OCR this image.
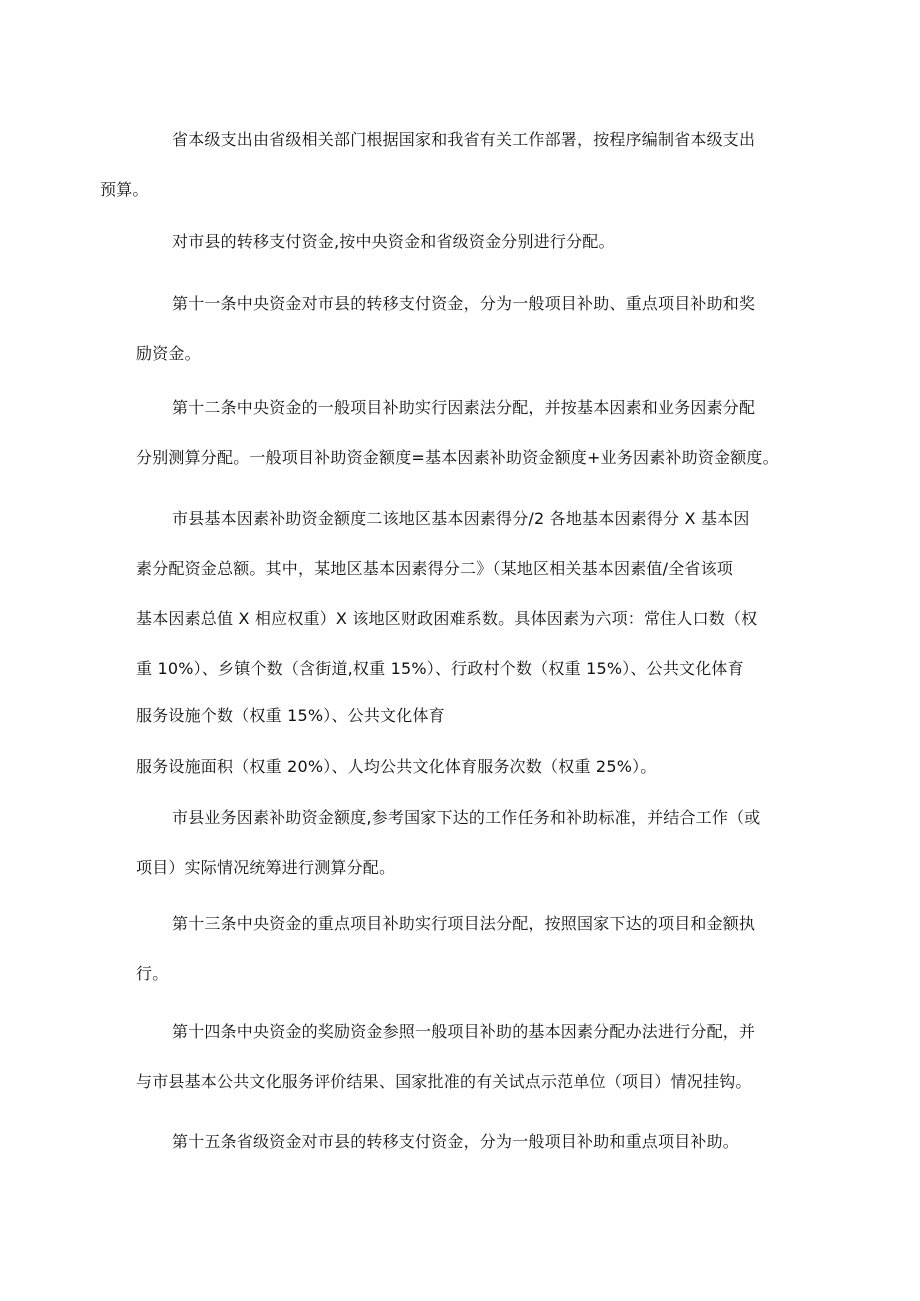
省本级支出由省级相关部门根据国家和我省有关工作部署，按程序编制省本级支出
预算。

对市县的转移支付资金,按中央资金和省级资金分别进行分配。

第十一条中央资金对市县的转移支付资金，分为一般项目补助、重点项目补助和奖
励资金。

第十二条中央资金的一般项目补助实行因素法分配，并按基本因素和业务因素分配
分别测算分配。一般项目补助资金额度=基本因素补助资金额度+业务因素补助资金额度。

市县基本因素补助资金额度二该地区基本因素得分/2 各地基本因素得分 X 基本因
素分配资金总额。其中，某地区基本因素得分二》（某地区相关基本因素值/全省该项
基本因素总值 X 相应权重）X 该地区财政困难系数。具体因素为六项：常住人口数（权
重 10%）、乡镇个数（含街道,权重 15%）、行政村个数（权重 15%）、公共文化体育
服务设施个数（权重 15%）、公共文化体育
服务设施面积（权重 20%）、人均公共文化体育服务次数（权重 25%）。

市县业务因素补助资金额度,参考国家下达的工作任务和补助标准，并结合工作（或
项目）实际情况统筹进行测算分配。

第十三条中央资金的重点项目补助实行项目法分配，按照国家下达的项目和金额执
行。

第十四条中央资金的奖励资金参照一般项目补助的基本因素分配办法进行分配，并
与市县基本公共文化服务评价结果、国家批准的有关试点示范单位（项目）情况挂钩。

第十五条省级资金对市县的转移支付资金，分为一般项目补助和重点项目补助。
